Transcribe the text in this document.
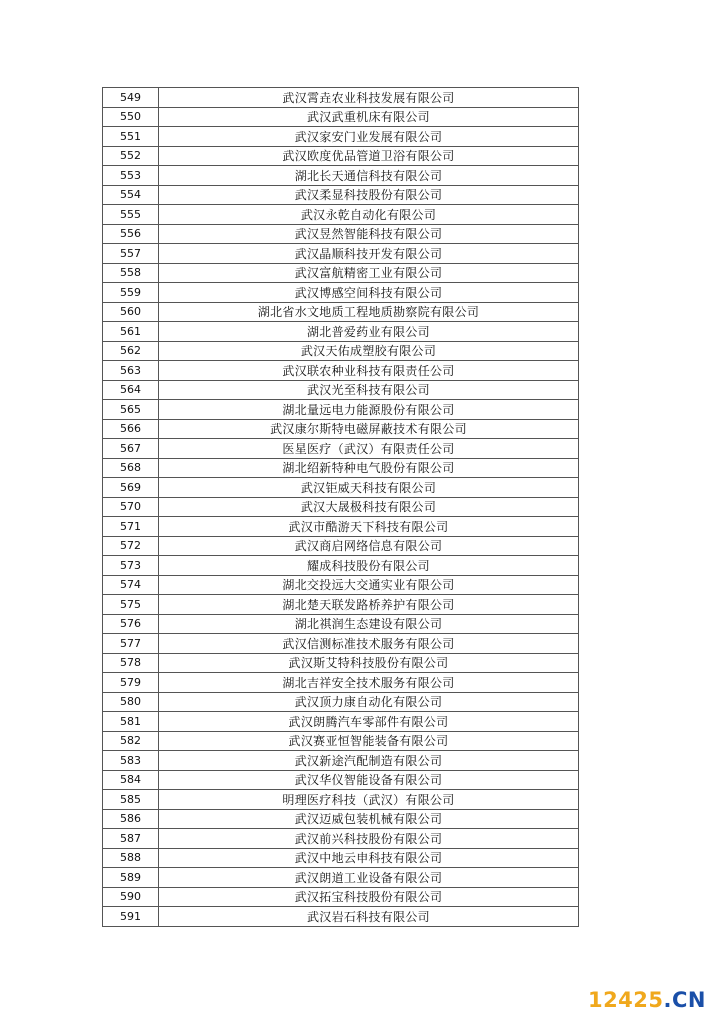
549	武汉霄垚农业科技发展有限公司
550	武汉武重机床有限公司
551	武汉家安门业发展有限公司
552	武汉欧度优品管道卫浴有限公司
553	湖北长天通信科技有限公司
554	武汉柔显科技股份有限公司
555	武汉永乾自动化有限公司
556	武汉昱然智能科技有限公司
557	武汉晶顺科技开发有限公司
558	武汉富航精密工业有限公司
559	武汉博感空间科技有限公司
560	湖北省水文地质工程地质勘察院有限公司
561	湖北普爱药业有限公司
562	武汉天佑成塑胶有限公司
563	武汉联农种业科技有限责任公司
564	武汉光至科技有限公司
565	湖北量远电力能源股份有限公司
566	武汉康尔斯特电磁屏蔽技术有限公司
567	医星医疗（武汉）有限责任公司
568	湖北绍新特种电气股份有限公司
569	武汉钜威天科技有限公司
570	武汉大晟极科技有限公司
571	武汉市酷游天下科技有限公司
572	武汉商启网络信息有限公司
573	耀成科技股份有限公司
574	湖北交投远大交通实业有限公司
575	湖北楚天联发路桥养护有限公司
576	湖北祺润生态建设有限公司
577	武汉信测标准技术服务有限公司
578	武汉斯艾特科技股份有限公司
579	湖北吉祥安全技术服务有限公司
580	武汉顶力康自动化有限公司
581	武汉朗腾汽车零部件有限公司
582	武汉赛亚恒智能装备有限公司
583	武汉新途汽配制造有限公司
584	武汉华仪智能设备有限公司
585	明理医疗科技（武汉）有限公司
586	武汉迈威包装机械有限公司
587	武汉前兴科技股份有限公司
588	武汉中地云申科技有限公司
589	武汉朗道工业设备有限公司
590	武汉拓宝科技股份有限公司
591	武汉岩石科技有限公司
12425.CN
